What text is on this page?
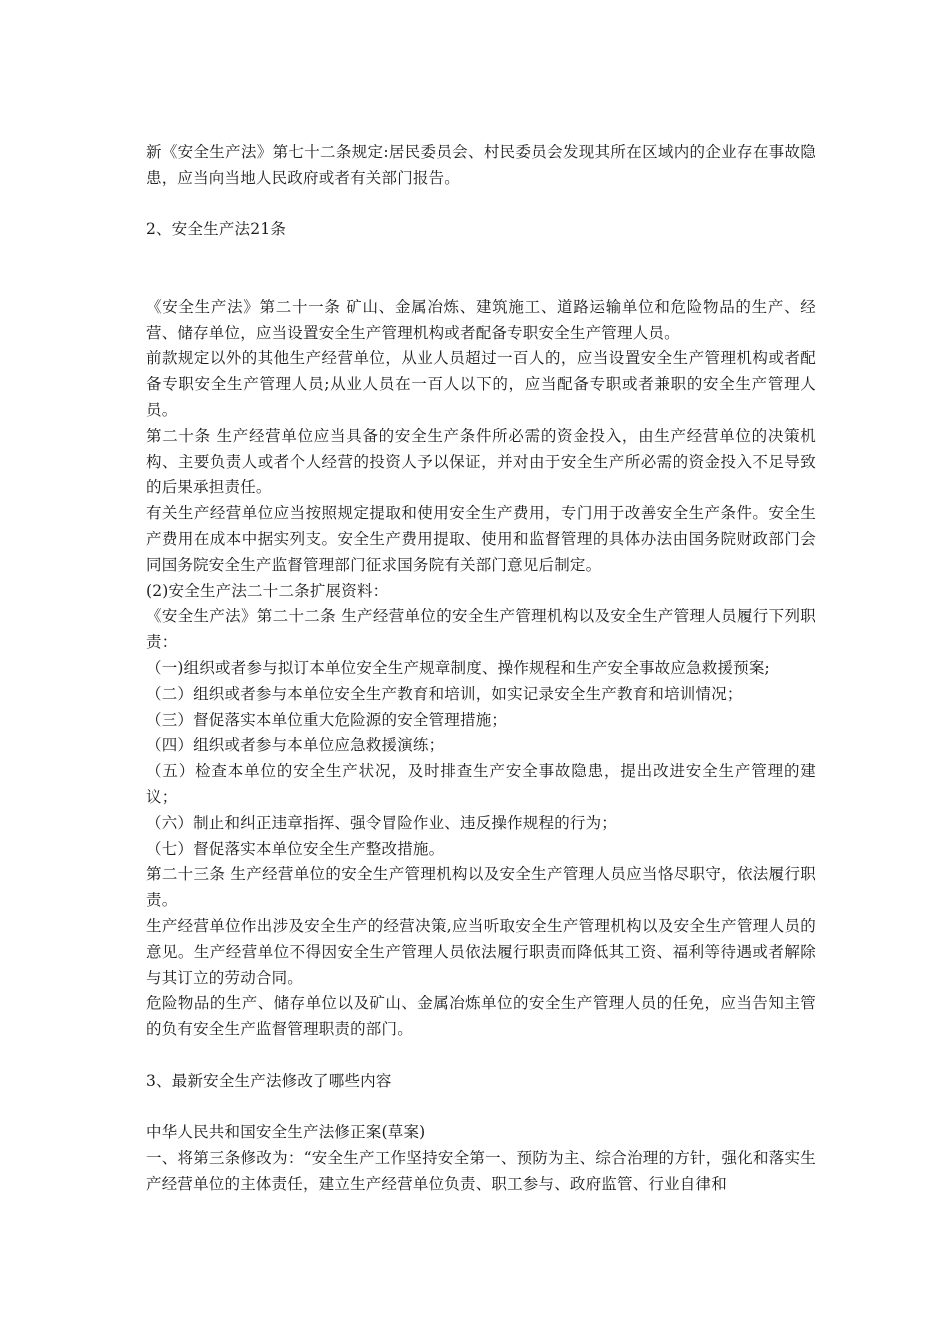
新《安全生产法》第七十二条规定:居民委员会、村民委员会发现其所在区域内的企业存在事故隐患，应当向当地人民政府或者有关部门报告。

2、安全生产法21条

《安全生产法》第二十一条 矿山、金属冶炼、建筑施工、道路运输单位和危险物品的生产、经营、储存单位，应当设置安全生产管理机构或者配备专职安全生产管理人员。

前款规定以外的其他生产经营单位，从业人员超过一百人的，应当设置安全生产管理机构或者配备专职安全生产管理人员;从业人员在一百人以下的，应当配备专职或者兼职的安全生产管理人员。

第二十条 生产经营单位应当具备的安全生产条件所必需的资金投入，由生产经营单位的决策机构、主要负责人或者个人经营的投资人予以保证，并对由于安全生产所必需的资金投入不足导致的后果承担责任。

有关生产经营单位应当按照规定提取和使用安全生产费用，专门用于改善安全生产条件。安全生产费用在成本中据实列支。安全生产费用提取、使用和监督管理的具体办法由国务院财政部门会同国务院安全生产监督管理部门征求国务院有关部门意见后制定。

(2)安全生产法二十二条扩展资料：

《安全生产法》第二十二条 生产经营单位的安全生产管理机构以及安全生产管理人员履行下列职责：

（一)组织或者参与拟订本单位安全生产规章制度、操作规程和生产安全事故应急救援预案;

（二）组织或者参与本单位安全生产教育和培训，如实记录安全生产教育和培训情况；

（三）督促落实本单位重大危险源的安全管理措施；

（四）组织或者参与本单位应急救援演练；

（五）检查本单位的安全生产状况，及时排查生产安全事故隐患，提出改进安全生产管理的建议；

（六）制止和纠正违章指挥、强令冒险作业、违反操作规程的行为；

（七）督促落实本单位安全生产整改措施。

第二十三条 生产经营单位的安全生产管理机构以及安全生产管理人员应当恪尽职守，依法履行职责。

生产经营单位作出涉及安全生产的经营决策,应当听取安全生产管理机构以及安全生产管理人员的意见。生产经营单位不得因安全生产管理人员依法履行职责而降低其工资、福利等待遇或者解除与其订立的劳动合同。

危险物品的生产、储存单位以及矿山、金属冶炼单位的安全生产管理人员的任免，应当告知主管的负有安全生产监督管理职责的部门。

3、最新安全生产法修改了哪些内容

中华人民共和国安全生产法修正案(草案)

一、将第三条修改为：“安全生产工作坚持安全第一、预防为主、综合治理的方针，强化和落实生产经营单位的主体责任，建立生产经营单位负责、职工参与、政府监管、行业自律和
